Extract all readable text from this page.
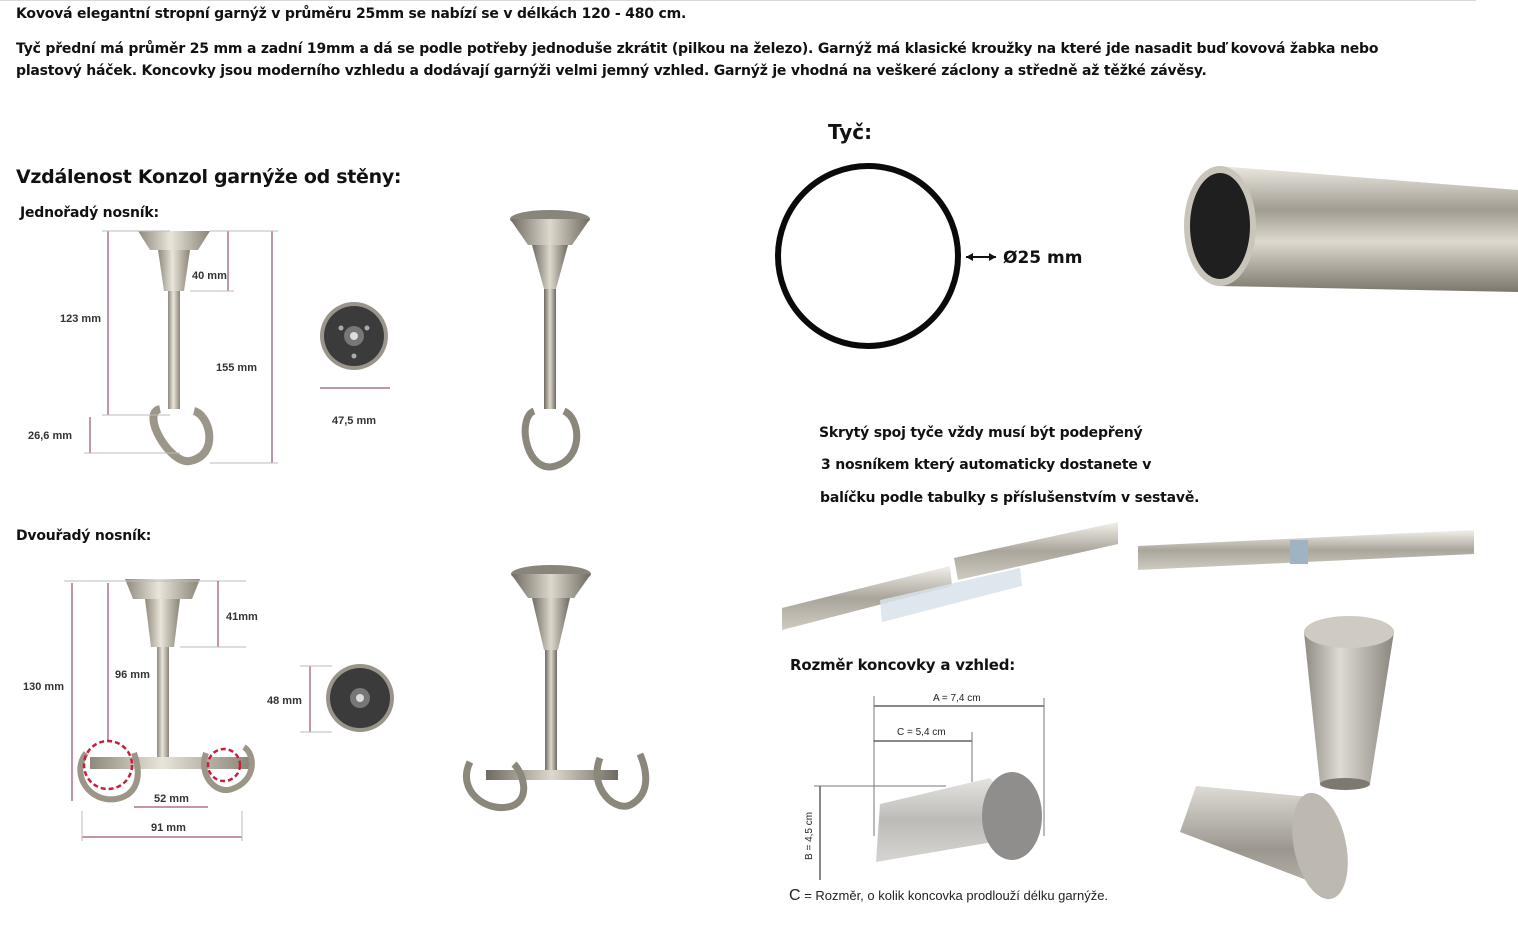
Kovová elegantní stropní garnýž v průměru 25mm se nabízí se v délkách 120 - 480 cm.
Tyč přední má průměr 25 mm a zadní 19mm a dá se podle potřeby jednoduše zkrátit (pilkou na železo). Garnýž má klasické kroužky na které jde nasadit buď kovová žabka nebo plastový háček. Koncovky jsou moderního vzhledu a dodávají garnýži velmi jemný vzhled. Garnýž je vhodná na veškeré záclony a středně až těžké závěsy.
Vzdálenost Konzol garnýže od stěny:
Jednořadý nosník:
Dvouřadý nosník:
123 mm
40 mm
155 mm
26,6 mm
47,5 mm
41mm
96 mm
130 mm
52 mm
91 mm
48 mm
Tyč:
Ø25 mm
Skrytý spoj tyče vždy musí být podepřený
3 nosníkem který automaticky dostanete v
balíčku podle tabulky s příslušenstvím v sestavě.
Rozměr koncovky a vzhled:
A = 7,4 cm
C = 5,4 cm
B = 4,5 cm
C = Rozměr, o kolik koncovka prodlouží délku garnýže.
